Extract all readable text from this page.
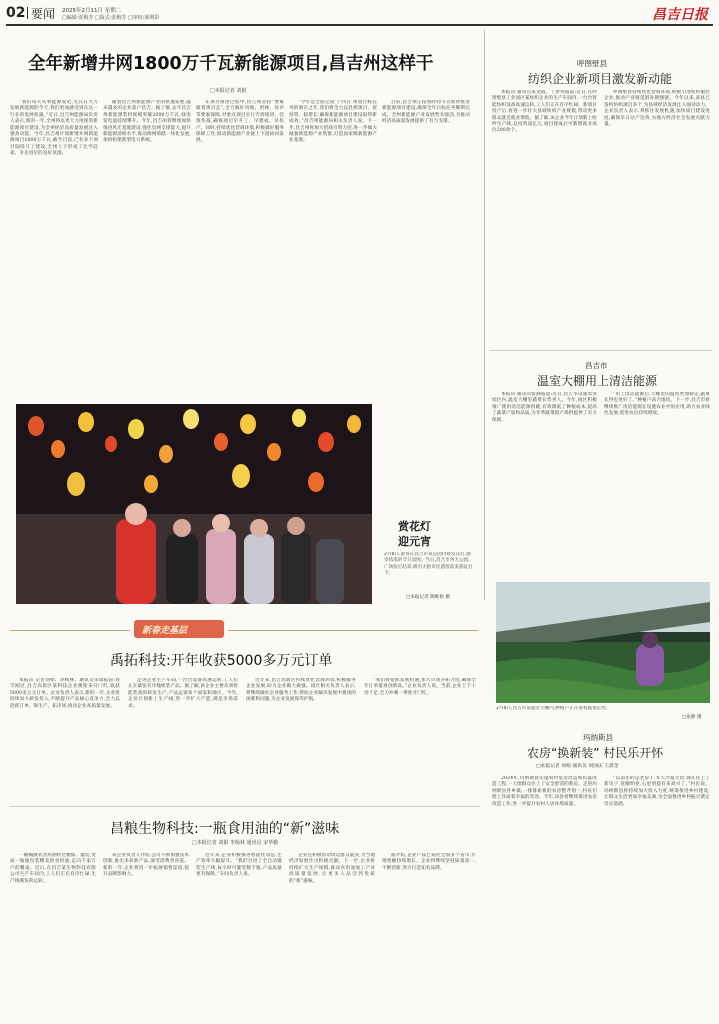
02 要闻 2025年2月11日 星期二
□编辑:张梅芳 □版式:张梅芳 □审校:梁利彩	昌吉日报
全年新增井网1800万千瓦新能源项目,昌吉州这样干
□本报记者 刘娟

“我们每天从事能源发电,尤其在大力发展新能源的今天,我们更加感受到在这一行业的发展机遇。”近日,昌吉州能源局负责人表示,新的一年,全州将以更大力度推进新能源项目建设,为全州经济高质量发展注入强劲动能。今年,昌吉州计划新增并网新能源项目1800万千瓦,截至目前,已有多个项目陆续开工建设,全州上下形成了比学赶超、争先进位的良好氛围。

随着昌吉州新能源产业的快速发展,越来越多的企业落户昌吉。据了解,去年昌吉州新能源装机规模突破2000万千瓦,绿电发电量持续攀升。今年,昌吉州将继续加快推进风光基地建设,强化电网支撑能力,提升新能源消纳水平,推动源网荷储一体化发展,加快构建新型电力系统。

在项目推进过程中,昌吉州坚持“要素跟着项目走”,全力做好用地、用林、环评等要素保障,对重点项目实行专班推进、挂图作战,确保项目早开工、早建成、早投产。同时,持续优化营商环境,积极做好服务保障工作,推动新能源产业链上下游协同发展。

“今年是全面完成‘十四五’规划目标任务的收官之年,我们将全力以赴抓项目、促投资、稳增长,确保新能源项目建设取得新成效。”昌吉州能源局相关负责人说。下一步,昌吉州将加大招商引资力度,进一步做大做强新能源产业集群,打造国家级新能源产业基地。

目前,昌吉州正按照时间节点加快推进新能源项目建设,确保全年目标任务顺利完成。全州新能源产业发展势头强劲,为推动经济高质量发展提供了有力支撑。

呼图壁县
纺织企业新项目激发新动能

本报讯 通讯员朱金霞、丁梦瑶报道:近日,在呼图壁县工业园区某纺织企业的生产车间内,一台台智能纺织设备高速运转,工人们正在有序忙碌。新项目投产后,将进一步壮大县域纺织产业规模,带动更多群众就近就业增收。据了解,该企业今年计划新上纺纱生产线,总投资超亿元,项目建成后可新增就业岗位200余个。

呼图壁县持续优化营商环境,积极引进纺织服装企业,推动产业链延链补链强链。今年以来,该县已签约纺织项目多个,为县域经济发展注入强劲动力。企业负责人表示,将抓住发展机遇,加快项目建设进度,确保早日达产达效,为地方经济社会发展贡献力量。

赏花灯
迎元宵
2月8日,游客在昌吉市某公园内观赏花灯,感受浓浓的节日氛围。当日,昌吉市各大公园、广场张灯结彩,吸引大批市民游客前来游玩打卡。
□本报记者 陶维祖 摄
昌吉市
温室大棚用上清洁能源

本报讯 通讯员张静报道:近日,昌吉市设施农业园区内,温室大棚里蔬菜长势喜人。今年,园区积极推广使用清洁能源供暖,有效降低了种植成本,提高了蔬菜产量和品质,为冬季蔬菜稳产保供提供了有力保障。

“用上清洁能源后,大棚里的温度更加稳定,蔬菜长得也更好了。”种植户高兴地说。下一步,昌吉市将继续推广清洁能源在设施农业中的应用,助力农业绿色发展,促进农民持续增收。

2月8日,昌吉市某温室大棚内,种植户正在查看蔬菜长势。
□张静 摄
新春走基层
禹拓科技:开年收获5000多万元订单

本报讯 记者刘娟、李杨林、通讯员宋瑞报道:春节刚过,昌吉高新区某科技企业便迎来开门红,收获5000多万元订单。企业负责人表示,新的一年,企业将持续加大研发投入,不断提升产品核心竞争力,全力以赴抓订单、保生产、拓市场,推动企业高质量发展。

走进企业生产车间,一台台设备高速运转,工人们正在紧张有序地组装产品。据了解,该企业主要从事智能装备的研发生产,产品远销多个国家和地区。今年,企业计划新上生产线,进一步扩大产能,满足市场需求。

近年来,昌吉高新区持续优化营商环境,积极服务企业发展,助力企业做大做强。园区相关负责人表示,将继续做好企业服务工作,帮助企业解决发展中遇到的困难和问题,为企业发展保驾护航。

“我们将抢抓发展机遇,加大市场开拓力度,确保全年订单量再创新高。”企业负责人说。当前,企业上下干劲十足,全力冲刺一季度开门红。

昌粮生物科技:一瓶食用油的“新”滋味
□本报记者 刘娟 李杨林 通讯员 宋华勤

一桶桶散装食用油经过精炼、灌装,变成一瓶瓶包装精美的食用油,走向千家万户的餐桌。近日,在昌吉某生物科技有限公司生产车间内,工人们正在有序忙碌,生产线满负荷运转。

该企业负责人介绍,公司不断加强技术创新,推出多款新产品,深受消费者喜爱。新的一年,企业将进一步拓展销售渠道,提升品牌影响力。

近年来,企业积极推进智能化改造,生产效率大幅提升。“我们引进了全自动灌装生产线,每小时可灌装数千瓶,产品质量更有保障。”车间负责人说。

企业还积极带动周边群众就业,为当地经济发展作出积极贡献。下一步,企业将持续扩大生产规模,推动食用油加工产业高质量发展,让更多人品尝到优质的“新”滋味。

据介绍,企业产品已销往全国多个省市,年销售额持续增长。企业将继续坚持质量第一,不断创新,努力打造知名品牌。

玛纳斯县
农房“换新装” 村民乐开怀
□本报记者 刘娟 通讯员 刘国庆 王晨金

2024年,玛纳斯县实施农村危房改造和抗震改造工程,一大批群众住上了安全舒适的新房。走进玛纳斯县各乡镇,一排排崭新的农房整齐划一,村民们脸上洋溢着幸福的笑容。今年,该县将继续推进农房改造工作,进一步提升农村人居环境质量。

“以前住的是老房子,冬天冷夏天热,现在住上了新房子,宽敞明亮,心里别提有多高兴了。”村民说。玛纳斯县将持续加大投入力度,统筹推进乡村建设,让群众生活更加幸福美满,为全面推进乡村振兴奠定坚实基础。
